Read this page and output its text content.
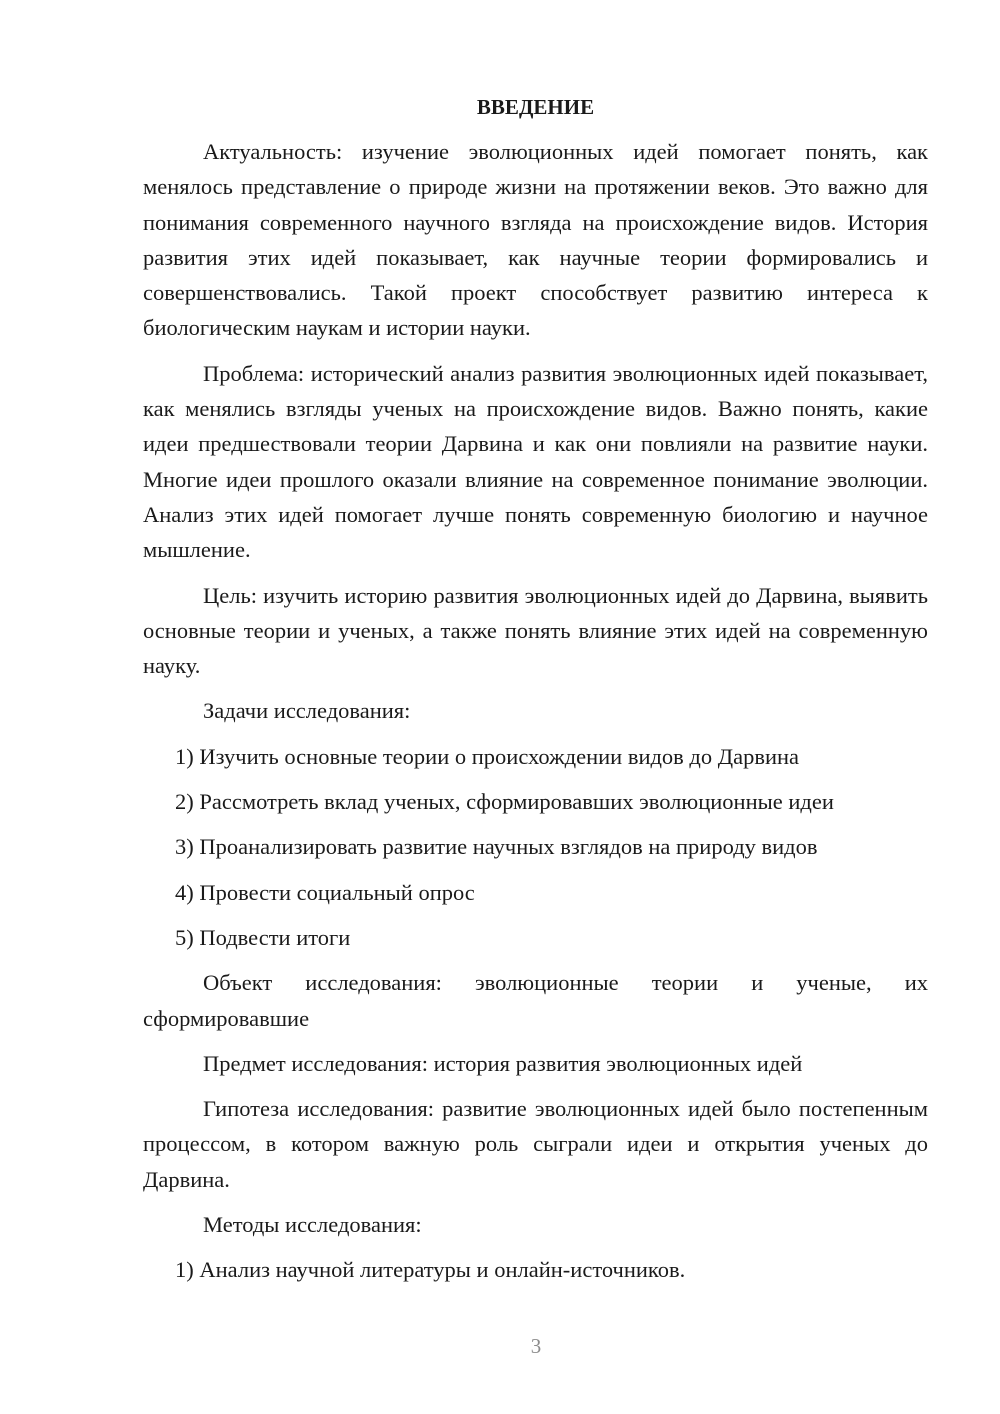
ВВЕДЕНИЕ

Актуальность: изучение эволюционных идей помогает понять, как менялось представление о природе жизни на протяжении веков. Это важно для понимания современного научного взгляда на происхождение видов. История развития этих идей показывает, как научные теории формировались и совершенствовались. Такой проект способствует развитию интереса к биологическим наукам и истории науки.

Проблема: исторический анализ развития эволюционных идей показывает, как менялись взгляды ученых на происхождение видов. Важно понять, какие идеи предшествовали теории Дарвина и как они повлияли на развитие науки. Многие идеи прошлого оказали влияние на современное понимание эволюции. Анализ этих идей помогает лучше понять современную биологию и научное мышление.

Цель: изучить историю развития эволюционных идей до Дарвина, выявить основные теории и ученых, а также понять влияние этих идей на современную науку.

Задачи исследования:
1) Изучить основные теории о происхождении видов до Дарвина
2) Рассмотреть вклад ученых, сформировавших эволюционные идеи
3) Проанализировать развитие научных взглядов на природу видов
4) Провести социальный опрос
5) Подвести итоги

Объект исследования: эволюционные теории и ученые, их сформировавшие

Предмет исследования: история развития эволюционных идей

Гипотеза исследования: развитие эволюционных идей было постепенным процессом, в котором важную роль сыграли идеи и открытия ученых до Дарвина.

Методы исследования:
1) Анализ научной литературы и онлайн-источников.
3
